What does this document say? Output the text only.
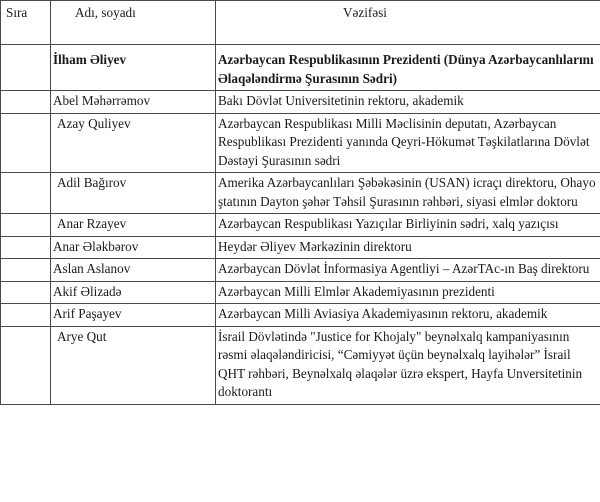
Sıra	Adı, soyadı	Vəzifəsi
	İlham Əliyev	Azərbaycan Respublikasının Prezidenti (Dünya Azərbaycanlılarını Əlaqələndirmə Şurasının Sədri)
	Abel Məhərrəmov	Bakı Dövlət Universitetinin rektoru, akademik
	Azay Quliyev	Azərbaycan Respublikası Milli Məclisinin deputatı, Azərbaycan Respublikası Prezidenti yanında Qeyri-Hökumət Təşkilatlarına Dövlət Dəstəyi Şurasının sədri
	Adil Bağırov	Amerika Azərbaycanlıları Şəbəkəsinin (USAN) icraçı direktoru, Ohayo ştatının Dayton şəhər Təhsil Şurasının rəhbəri, siyasi elmlər doktoru
	Anar Rzayev	Azərbaycan Respublikası Yazıçılar Birliyinin sədri, xalq yazıçısı
	Anar Ələkbərov	Heydər Əliyev Mərkəzinin direktoru
	Aslan Aslanov	Azərbaycan Dövlət İnformasiya Agentliyi – AzərTAc-ın Baş direktoru
	Akif Əlizadə	Azərbaycan Milli Elmlər Akademiyasının prezidenti
	Arif Paşayev	Azərbaycan Milli Aviasiya Akademiyasının rektoru, akademik
	Arye Qut	İsrail Dövlətində "Justice for Khojaly" beynəlxalq kampaniyasının rəsmi əlaqələndiricisi, “Cəmiyyət üçün beynəlxalq layihələr” İsrail QHT rəhbəri, Beynəlxalq əlaqələr üzrə ekspert, Hayfa Unversitetinin doktorantı
